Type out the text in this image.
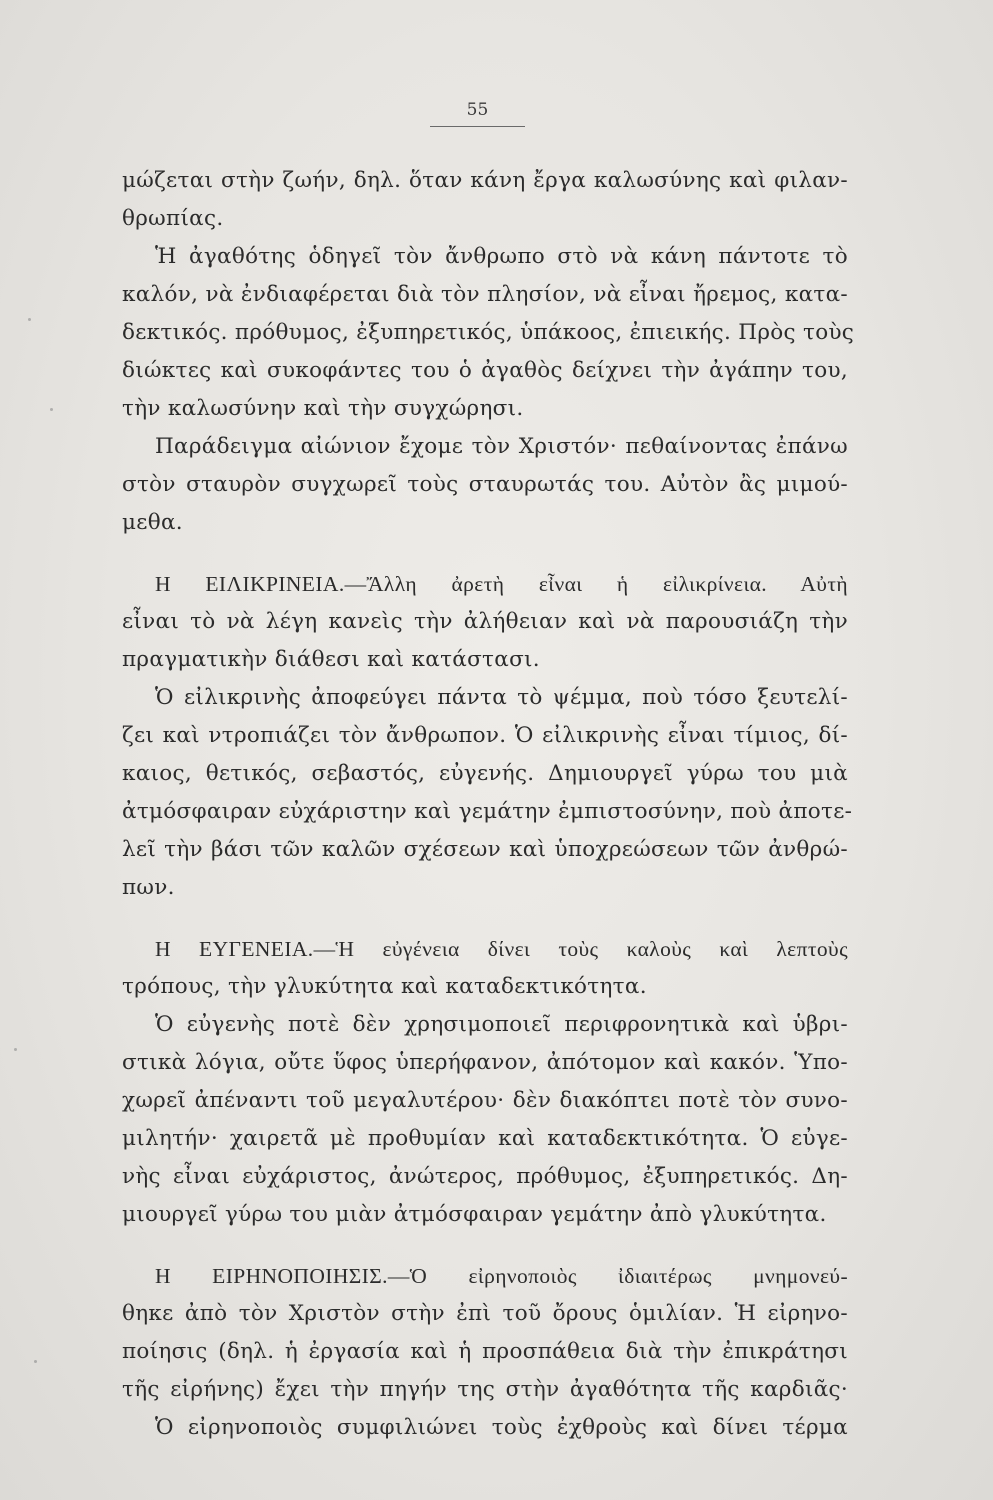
55
μώζεται στὴν ζωήν, δηλ. ὅταν κάνη ἔργα καλωσύνης καὶ φιλαν-
θρωπίας.
Ἡ ἀγαθότης ὁδηγεῖ τὸν ἄνθρωπο στὸ νὰ κάνη πάντοτε τὸ
καλόν, νὰ ἐνδιαφέρεται διὰ τὸν πλησίον, νὰ εἶναι ἤρεμος, κατα-
δεκτικός. πρόθυμος, ἐξυπηρετικός, ὑπάκοος, ἐπιεικής. Πρὸς τοὺς
διώκτες καὶ συκοφάντες του ὁ ἀγαθὸς δείχνει τὴν ἀγάπην του,
τὴν καλωσύνην καὶ τὴν συγχώρησι.
Παράδειγμα αἰώνιον ἔχομε τὸν Χριστόν· πεθαίνοντας ἐπάνω
στὸν σταυρὸν συγχωρεῖ τοὺς σταυρωτάς του. Αὐτὸν ἂς μιμού-
μεθα.
Η ΕΙΛΙΚΡΙΝΕΙΑ.—Ἄλλη ἀρετὴ εἶναι ἡ εἰλικρίνεια. Αὐτὴ
εἶναι τὸ νὰ λέγη κανεὶς τὴν ἀλήθειαν καὶ νὰ παρουσιάζη τὴν
πραγματικὴν διάθεσι καὶ κατάστασι.
Ὁ εἰλικρινὴς ἀποφεύγει πάντα τὸ ψέμμα, ποὺ τόσο ξευτελί-
ζει καὶ ντροπιάζει τὸν ἄνθρωπον. Ὁ εἰλικρινὴς εἶναι τίμιος, δί-
καιος, θετικός, σεβαστός, εὐγενής. Δημιουργεῖ γύρω του μιὰ
ἀτμόσφαιραν εὐχάριστην καὶ γεμάτην ἐμπιστοσύνην, ποὺ ἀποτε-
λεῖ τὴν βάσι τῶν καλῶν σχέσεων καὶ ὑποχρεώσεων τῶν ἀνθρώ-
πων.
Η ΕΥΓΕΝΕΙΑ.—Ἡ εὐγένεια δίνει τοὺς καλοὺς καὶ λεπτοὺς
τρόπους, τὴν γλυκύτητα καὶ καταδεκτικότητα.
Ὁ εὐγενὴς ποτὲ δὲν χρησιμοποιεῖ περιφρονητικὰ καὶ ὑβρι-
στικὰ λόγια, οὔτε ὕφος ὑπερήφανον, ἀπότομον καὶ κακόν. Ὑπο-
χωρεῖ ἀπέναντι τοῦ μεγαλυτέρου· δὲν διακόπτει ποτὲ τὸν συνο-
μιλητήν· χαιρετᾶ μὲ προθυμίαν καὶ καταδεκτικότητα. Ὁ εὐγε-
νὴς εἶναι εὐχάριστος, ἀνώτερος, πρόθυμος, ἐξυπηρετικός. Δη-
μιουργεῖ γύρω του μιὰν ἀτμόσφαιραν γεμάτην ἀπὸ γλυκύτητα.
Η ΕΙΡΗΝΟΠΟΙΗΣΙΣ.—Ὁ εἰρηνοποιὸς ἰδιαιτέρως μνημονεύ-
θηκε ἀπὸ τὸν Χριστὸν στὴν ἐπὶ τοῦ ὄρους ὁμιλίαν. Ἡ εἰρηνο-
ποίησις (δηλ. ἡ ἐργασία καὶ ἡ προσπάθεια διὰ τὴν ἐπικράτησι
τῆς εἰρήνης) ἔχει τὴν πηγήν της στὴν ἀγαθότητα τῆς καρδιᾶς·
Ὁ εἰρηνοποιὸς συμφιλιώνει τοὺς ἐχθροὺς καὶ δίνει τέρμα
